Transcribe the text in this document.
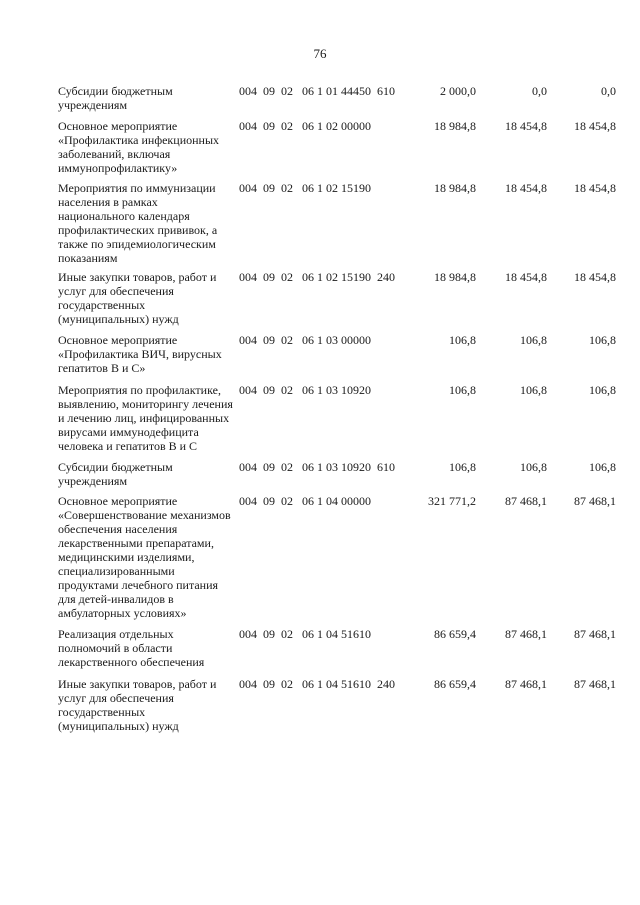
76
Субсидии бюджетным учреждениям
004  09  02   06 1 01 44450  610	2 000,0	0,0	0,0
Основное мероприятие «Профилактика инфекционных заболеваний, включая иммунопрофилактику»
004  09  02   06 1 02 00000	18 984,8	18 454,8	18 454,8
Мероприятия по иммунизации населения в рамках национального календаря профилактических прививок, а также по эпидемиологическим показаниям
004  09  02   06 1 02 15190	18 984,8	18 454,8	18 454,8
Иные закупки товаров, работ и услуг для обеспечения государственных (муниципальных) нужд
004  09  02   06 1 02 15190  240	18 984,8	18 454,8	18 454,8
Основное мероприятие «Профилактика ВИЧ, вирусных гепатитов В и С»
004  09  02   06 1 03 00000	106,8	106,8	106,8
Мероприятия по профилактике, выявлению, мониторингу лечения и лечению лиц, инфицированных вирусами иммунодефицита человека и гепатитов В и С
004  09  02   06 1 03 10920	106,8	106,8	106,8
Субсидии бюджетным учреждениям
004  09  02   06 1 03 10920  610	106,8	106,8	106,8
Основное мероприятие «Совершенствование механизмов обеспечения населения лекарственными препаратами, медицинскими изделиями, специализированными продуктами лечебного питания для детей-инвалидов в амбулаторных условиях»
004  09  02   06 1 04 00000	321 771,2	87 468,1	87 468,1
Реализация отдельных полномочий в области лекарственного обеспечения
004  09  02   06 1 04 51610	86 659,4	87 468,1	87 468,1
Иные закупки товаров, работ и услуг для обеспечения государственных (муниципальных) нужд
004  09  02   06 1 04 51610  240	86 659,4	87 468,1	87 468,1
